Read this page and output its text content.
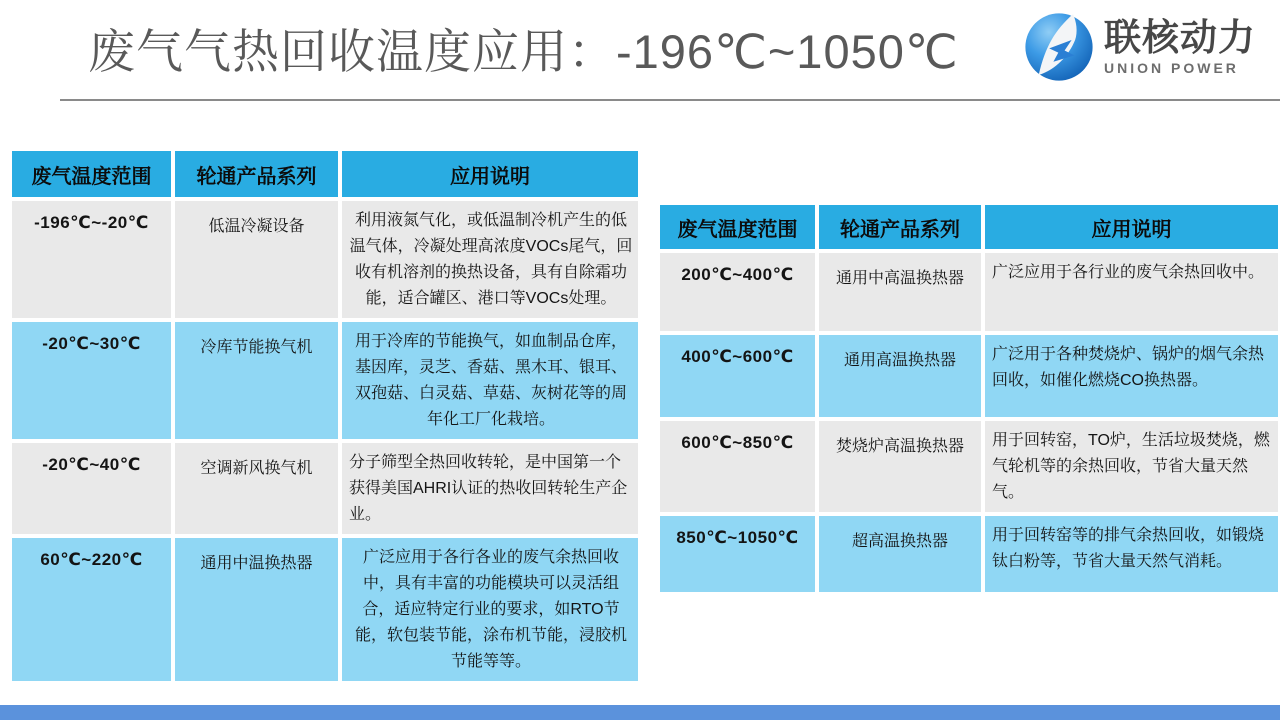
废气气热回收温度应用：-196℃~1050℃	联核动力
UNION POWER
废气温度范围	轮通产品系列	应用说明
-196℃~-20℃	低温冷凝设备	利用液氮气化，或低温制冷机产生的低温气体，冷凝处理高浓度VOCs尾气，回收有机溶剂的换热设备，具有自除霜功能，适合罐区、港口等VOCs处理。
-20℃~30℃	冷库节能换气机	用于冷库的节能换气，如血制品仓库，基因库，灵芝、香菇、黑木耳、银耳、双孢菇、白灵菇、草菇、灰树花等的周年化工厂化栽培。
-20℃~40℃	空调新风换气机	分子筛型全热回收转轮，是中国第一个获得美国AHRI认证的热收回转轮生产企业。
60℃~220℃	通用中温换热器	广泛应用于各行各业的废气余热回收中，具有丰富的功能模块可以灵活组合，适应特定行业的要求，如RTO节能，软包装节能，涂布机节能，浸胶机节能等等。
废气温度范围	轮通产品系列	应用说明
200℃~400℃	通用中高温换热器	广泛应用于各行业的废气余热回收中。
400℃~600℃	通用高温换热器	广泛用于各种焚烧炉、锅炉的烟气余热回收，如催化燃烧CO换热器。
600℃~850℃	焚烧炉高温换热器	用于回转窑，TO炉，生活垃圾焚烧，燃气轮机等的余热回收，节省大量天然气。
850℃~1050℃	超高温换热器	用于回转窑等的排气余热回收，如锻烧钛白粉等，节省大量天然气消耗。
